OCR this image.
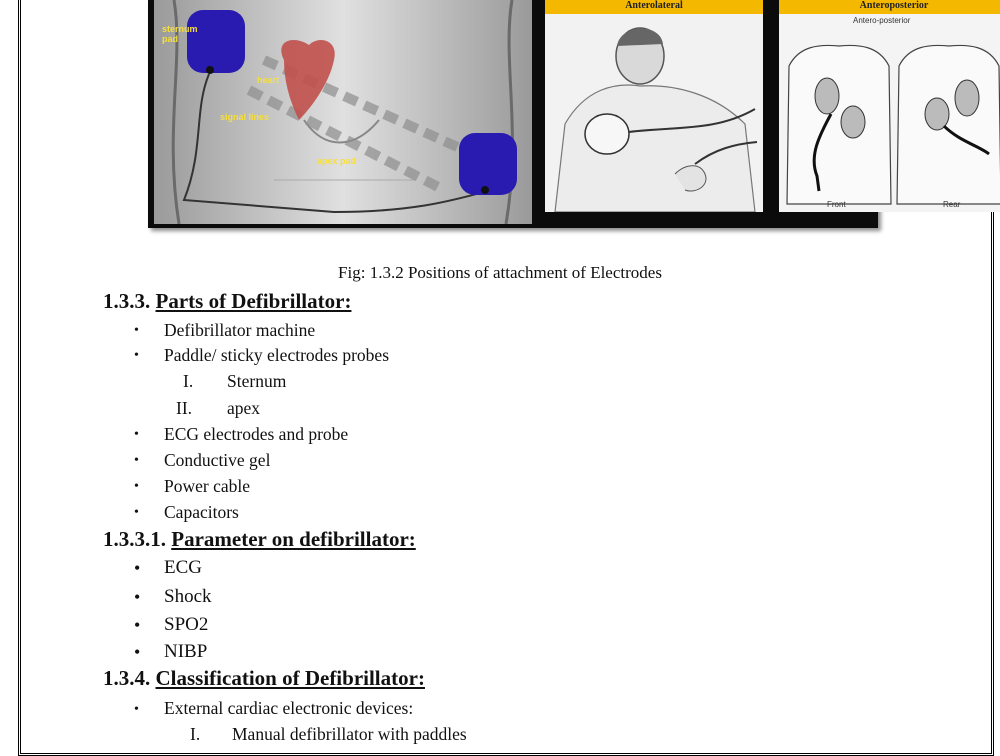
sternum pad
heart
signal lines
apex pad
Anterolateral	Anteroposterior
Antero-posterior
Front	Rear
Fig: 1.3.2 Positions of attachment of Electrodes
1.3.3. Parts of Defibrillator:
• Defibrillator machine
• Paddle/ sticky electrodes probes
I. Sternum
II. apex
• ECG electrodes and probe
• Conductive gel
• Power cable
• Capacitors
1.3.3.1. Parameter on defibrillator:
• ECG
• Shock
• SPO2
• NIBP
1.3.4. Classification of Defibrillator:
• External cardiac electronic devices:
I. Manual defibrillator with paddles
